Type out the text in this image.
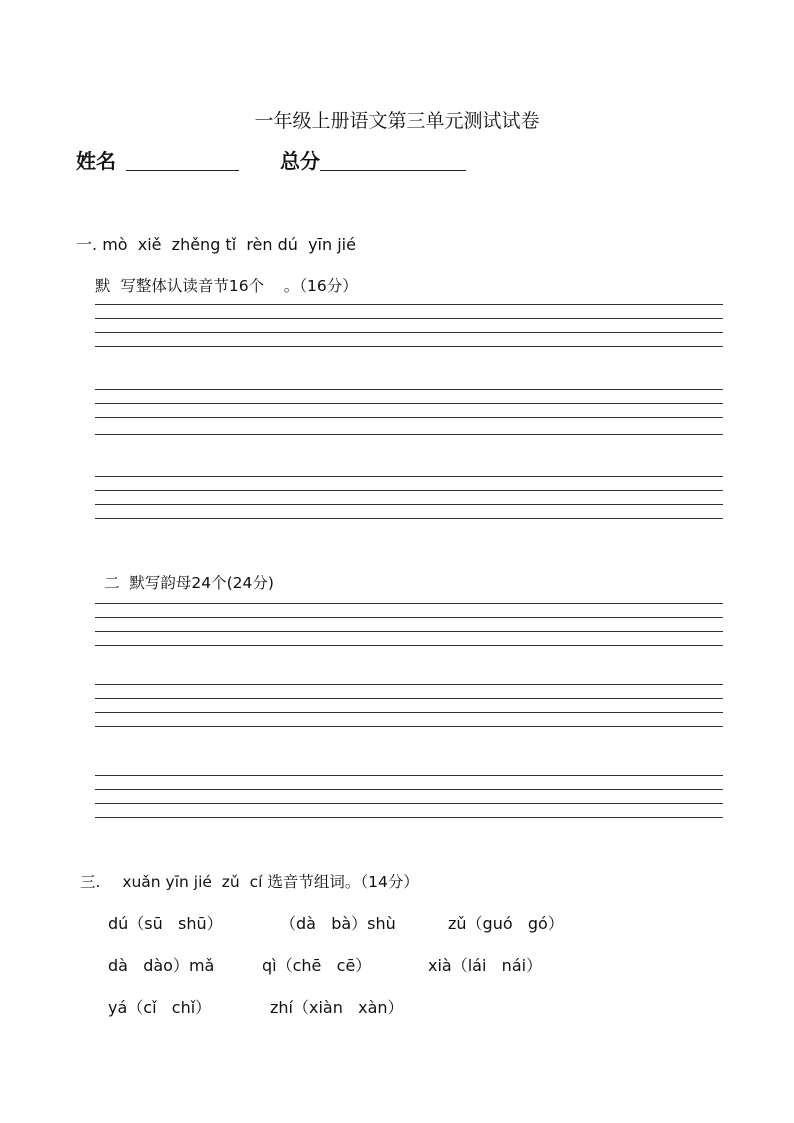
一年级上册语文第三单元测试试卷
姓名	总分
一. mò  xiě  zhěng tǐ  rèn dú  yīn jié
默  写整体认读音节16个    。（16分）
二  默写韵母24个(24分)
三. xuǎn yīn jié  zǔ  cí 选音节组词。（14分）
dú（sū   shū）	（dà   bà）shù	zǔ（guó   gó）
dà   dào）mǎ	qì（chē   cē）	xià（lái   nái）
yá（cǐ   chǐ）	zhí（xiàn   xàn）
